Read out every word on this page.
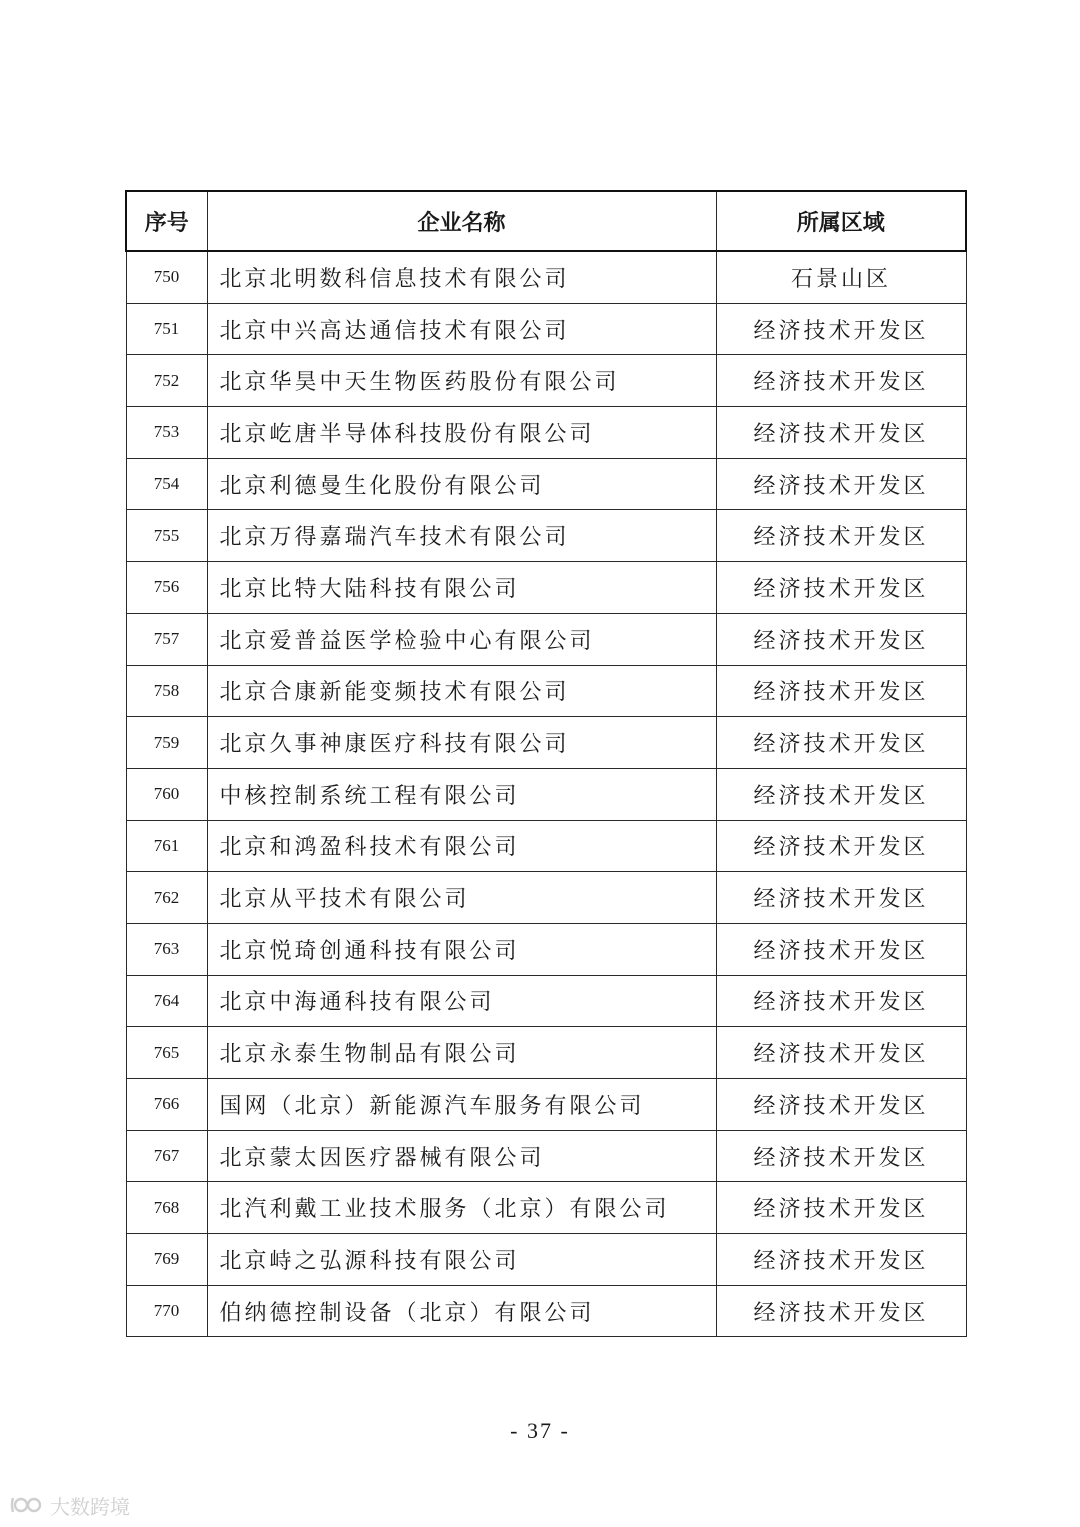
序号	企业名称	所属区域
750	北京北明数科信息技术有限公司	石景山区
751	北京中兴高达通信技术有限公司	经济技术开发区
752	北京华昊中天生物医药股份有限公司	经济技术开发区
753	北京屹唐半导体科技股份有限公司	经济技术开发区
754	北京利德曼生化股份有限公司	经济技术开发区
755	北京万得嘉瑞汽车技术有限公司	经济技术开发区
756	北京比特大陆科技有限公司	经济技术开发区
757	北京爱普益医学检验中心有限公司	经济技术开发区
758	北京合康新能变频技术有限公司	经济技术开发区
759	北京久事神康医疗科技有限公司	经济技术开发区
760	中核控制系统工程有限公司	经济技术开发区
761	北京和鸿盈科技术有限公司	经济技术开发区
762	北京从平技术有限公司	经济技术开发区
763	北京悦琦创通科技有限公司	经济技术开发区
764	北京中海通科技有限公司	经济技术开发区
765	北京永泰生物制品有限公司	经济技术开发区
766	国网（北京）新能源汽车服务有限公司	经济技术开发区
767	北京蒙太因医疗器械有限公司	经济技术开发区
768	北汽利戴工业技术服务（北京）有限公司	经济技术开发区
769	北京峙之弘源科技有限公司	经济技术开发区
770	伯纳德控制设备（北京）有限公司	经济技术开发区
- 37 -
大数跨境
